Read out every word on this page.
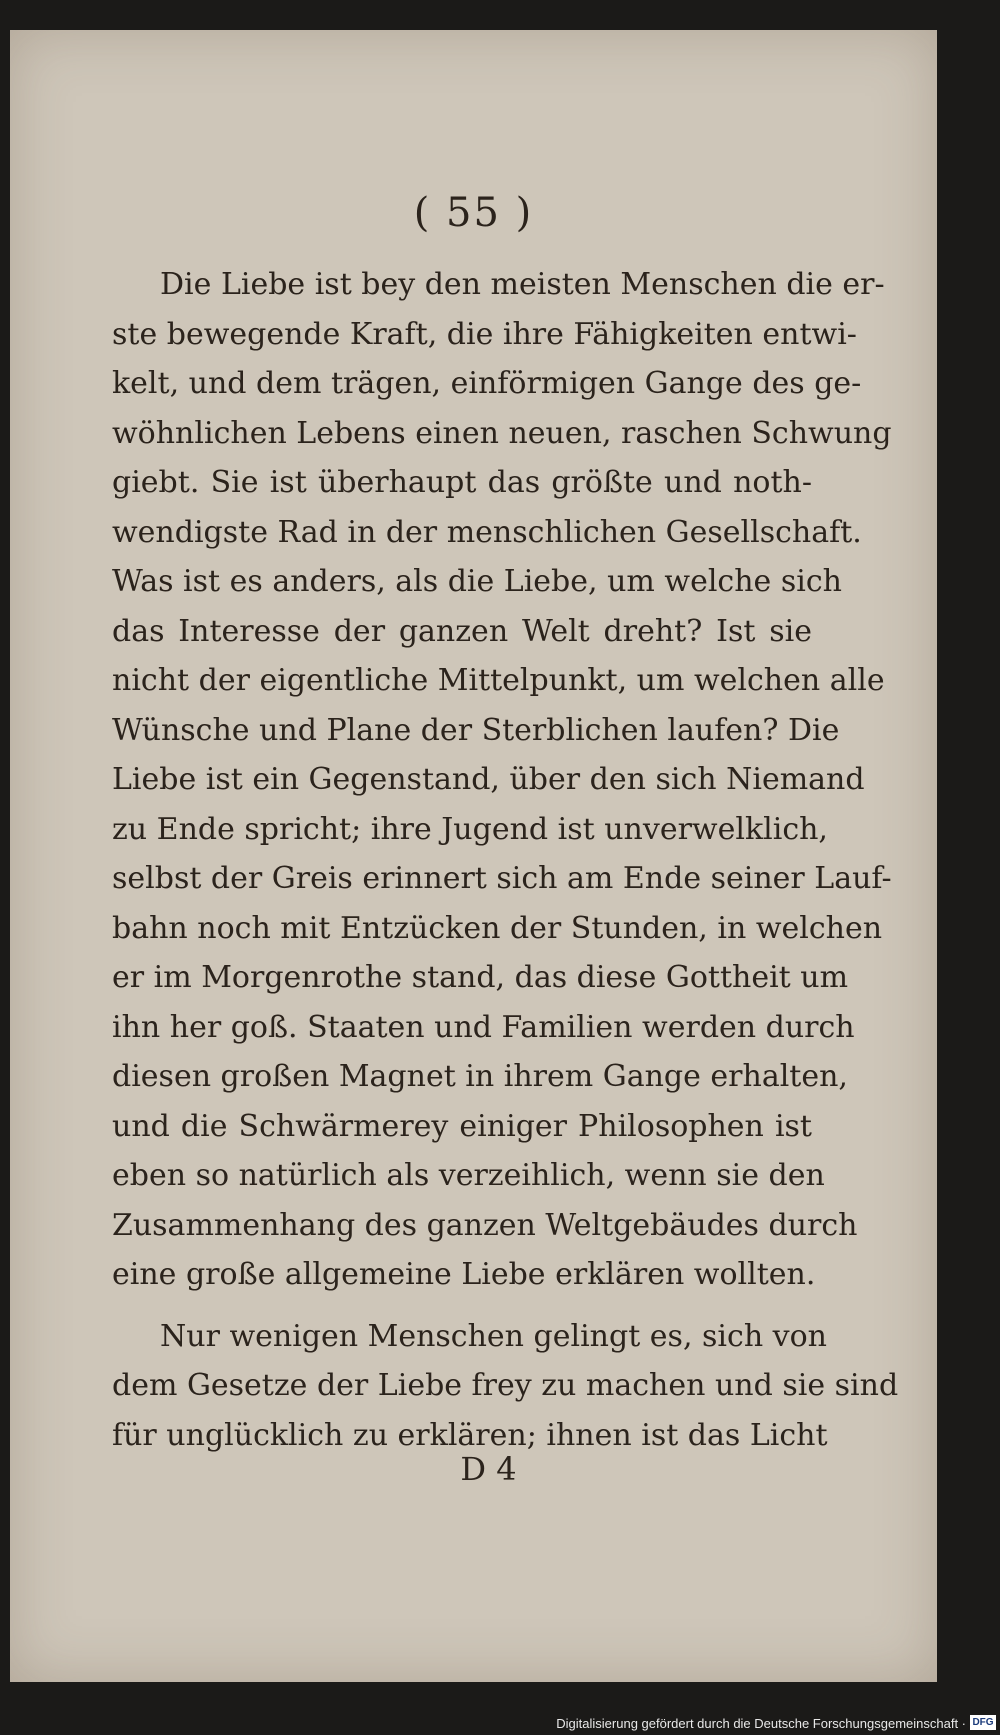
( 55 )
Die Liebe ist bey den meisten Menschen die er-
ste bewegende Kraft, die ihre Fähigkeiten entwi-
kelt, und dem trägen, einförmigen Gange des ge-
wöhnlichen Lebens einen neuen, raschen Schwung
giebt. Sie ist überhaupt das größte und noth-
wendigste Rad in der menschlichen Gesellschaft.
Was ist es anders, als die Liebe, um welche sich
das Interesse der ganzen Welt dreht? Ist sie
nicht der eigentliche Mittelpunkt, um welchen alle
Wünsche und Plane der Sterblichen laufen? Die
Liebe ist ein Gegenstand, über den sich Niemand
zu Ende spricht; ihre Jugend ist unverwelklich,
selbst der Greis erinnert sich am Ende seiner Lauf-
bahn noch mit Entzücken der Stunden, in welchen
er im Morgenrothe stand, das diese Gottheit um
ihn her goß. Staaten und Familien werden durch
diesen großen Magnet in ihrem Gange erhalten,
und die Schwärmerey einiger Philosophen ist
eben so natürlich als verzeihlich, wenn sie den
Zusammenhang des ganzen Weltgebäudes durch
eine große allgemeine Liebe erklären wollten.
Nur wenigen Menschen gelingt es, sich von
dem Gesetze der Liebe frey zu machen und sie sind
für unglücklich zu erklären; ihnen ist das Licht
D 4
Digitalisierung gefördert durch die Deutsche Forschungsgemeinschaft · DFG
